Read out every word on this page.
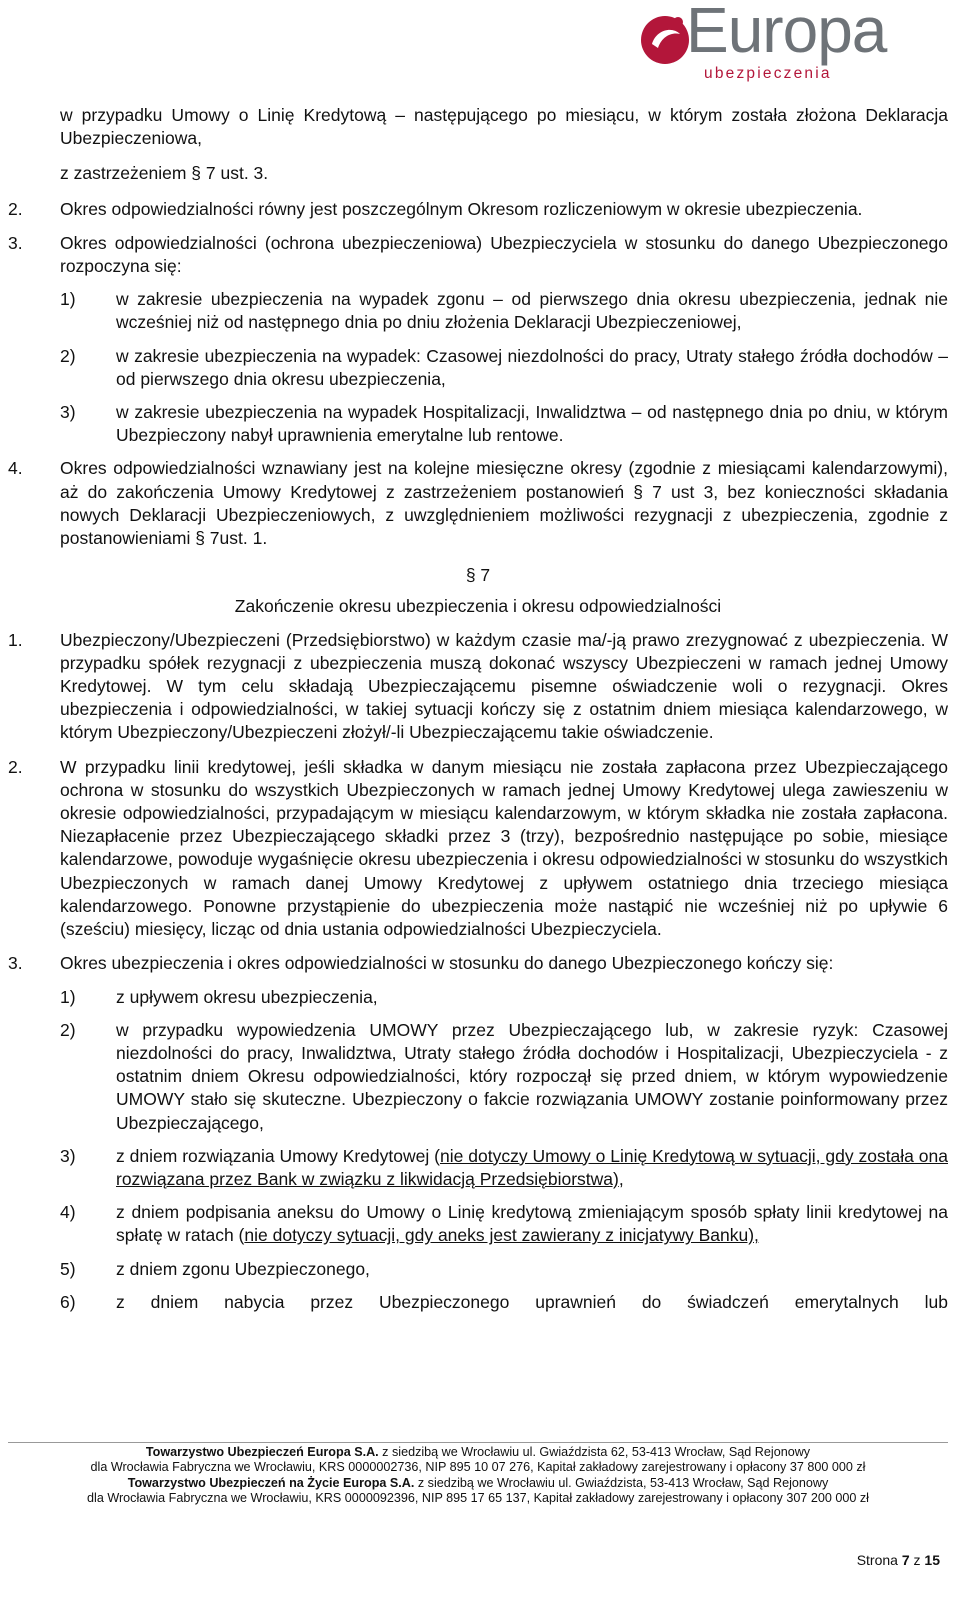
Europa
ubezpieczenia
w przypadku Umowy o Linię Kredytową – następującego po miesiącu, w którym została złożona Deklaracja Ubezpieczeniowa,
z zastrzeżeniem § 7 ust. 3.
2.	Okres odpowiedzialności równy jest poszczególnym Okresom rozliczeniowym w okresie ubezpieczenia.
3.	Okres odpowiedzialności (ochrona ubezpieczeniowa) Ubezpieczyciela w stosunku do danego Ubezpieczonego rozpoczyna się:
1)	w zakresie ubezpieczenia na wypadek zgonu – od pierwszego dnia okresu ubezpieczenia, jednak nie wcześniej niż od następnego dnia po dniu złożenia Deklaracji Ubezpieczeniowej,
2)	w zakresie ubezpieczenia na wypadek: Czasowej niezdolności do pracy, Utraty stałego źródła dochodów – od pierwszego dnia okresu ubezpieczenia,
3)	w zakresie ubezpieczenia na wypadek Hospitalizacji, Inwalidztwa – od następnego dnia po dniu, w którym Ubezpieczony nabył uprawnienia emerytalne lub rentowe.
4.	Okres odpowiedzialności wznawiany jest na kolejne miesięczne okresy (zgodnie z miesiącami kalendarzowymi), aż do zakończenia Umowy Kredytowej z zastrzeżeniem postanowień § 7 ust 3, bez konieczności składania nowych Deklaracji Ubezpieczeniowych, z uwzględnieniem możliwości rezygnacji z ubezpieczenia, zgodnie z postanowieniami § 7ust. 1.
§ 7
Zakończenie okresu ubezpieczenia i okresu odpowiedzialności
1.	Ubezpieczony/Ubezpieczeni (Przedsiębiorstwo) w każdym czasie ma/-ją prawo zrezygnować z ubezpieczenia. W przypadku spółek rezygnacji z ubezpieczenia muszą dokonać wszyscy Ubezpieczeni w ramach jednej Umowy Kredytowej. W tym celu składają Ubezpieczającemu pisemne oświadczenie woli o rezygnacji. Okres ubezpieczenia i odpowiedzialności, w takiej sytuacji kończy się z ostatnim dniem miesiąca kalendarzowego, w którym Ubezpieczony/Ubezpieczeni złożył/-li Ubezpieczającemu takie oświadczenie.
2.	W przypadku linii kredytowej, jeśli składka w danym miesiącu nie została zapłacona przez Ubezpieczającego ochrona w stosunku do wszystkich Ubezpieczonych w ramach jednej Umowy Kredytowej ulega zawieszeniu w okresie odpowiedzialności, przypadającym w miesiącu kalendarzowym, w którym składka nie została zapłacona. Niezapłacenie przez Ubezpieczającego składki przez 3 (trzy), bezpośrednio następujące po sobie, miesiące kalendarzowe, powoduje wygaśnięcie okresu ubezpieczenia i okresu odpowiedzialności w stosunku do wszystkich Ubezpieczonych w ramach danej Umowy Kredytowej z upływem ostatniego dnia trzeciego miesiąca kalendarzowego. Ponowne przystąpienie do ubezpieczenia może nastąpić nie wcześniej niż po upływie 6 (sześciu) miesięcy, licząc od dnia ustania odpowiedzialności Ubezpieczyciela.
3.	Okres ubezpieczenia i okres odpowiedzialności w stosunku do danego Ubezpieczonego kończy się:
1)	z upływem okresu ubezpieczenia,
2)	w przypadku wypowiedzenia UMOWY przez Ubezpieczającego lub, w zakresie ryzyk: Czasowej niezdolności do pracy, Inwalidztwa, Utraty stałego źródła dochodów i Hospitalizacji, Ubezpieczyciela - z ostatnim dniem Okresu odpowiedzialności, który rozpoczął się przed dniem, w którym wypowiedzenie UMOWY stało się skuteczne. Ubezpieczony o fakcie rozwiązania UMOWY zostanie poinformowany przez Ubezpieczającego,
3)	z dniem rozwiązania Umowy Kredytowej (nie dotyczy Umowy o Linię Kredytową w sytuacji, gdy została ona rozwiązana przez Bank w związku z likwidacją Przedsiębiorstwa),
4)	z dniem podpisania aneksu do Umowy o Linię kredytową zmieniającym sposób spłaty linii kredytowej na spłatę w ratach (nie dotyczy sytuacji, gdy aneks jest zawierany z inicjatywy Banku),
5)	z dniem zgonu Ubezpieczonego,
6)	z dniem nabycia przez Ubezpieczonego uprawnień do świadczeń emerytalnych lub
Towarzystwo Ubezpieczeń Europa S.A. z siedzibą we Wrocławiu ul. Gwiaździsta 62, 53-413 Wrocław, Sąd Rejonowy
dla Wrocławia Fabryczna we Wrocławiu, KRS 0000002736, NIP 895 10 07 276, Kapitał zakładowy zarejestrowany i opłacony 37 800 000 zł
Towarzystwo Ubezpieczeń na Życie Europa S.A. z siedzibą we Wrocławiu ul. Gwiaździsta, 53-413 Wrocław, Sąd Rejonowy
dla Wrocławia Fabryczna we Wrocławiu, KRS 0000092396, NIP 895 17 65 137, Kapitał zakładowy zarejestrowany i opłacony 307 200 000 zł
Strona 7 z 15
